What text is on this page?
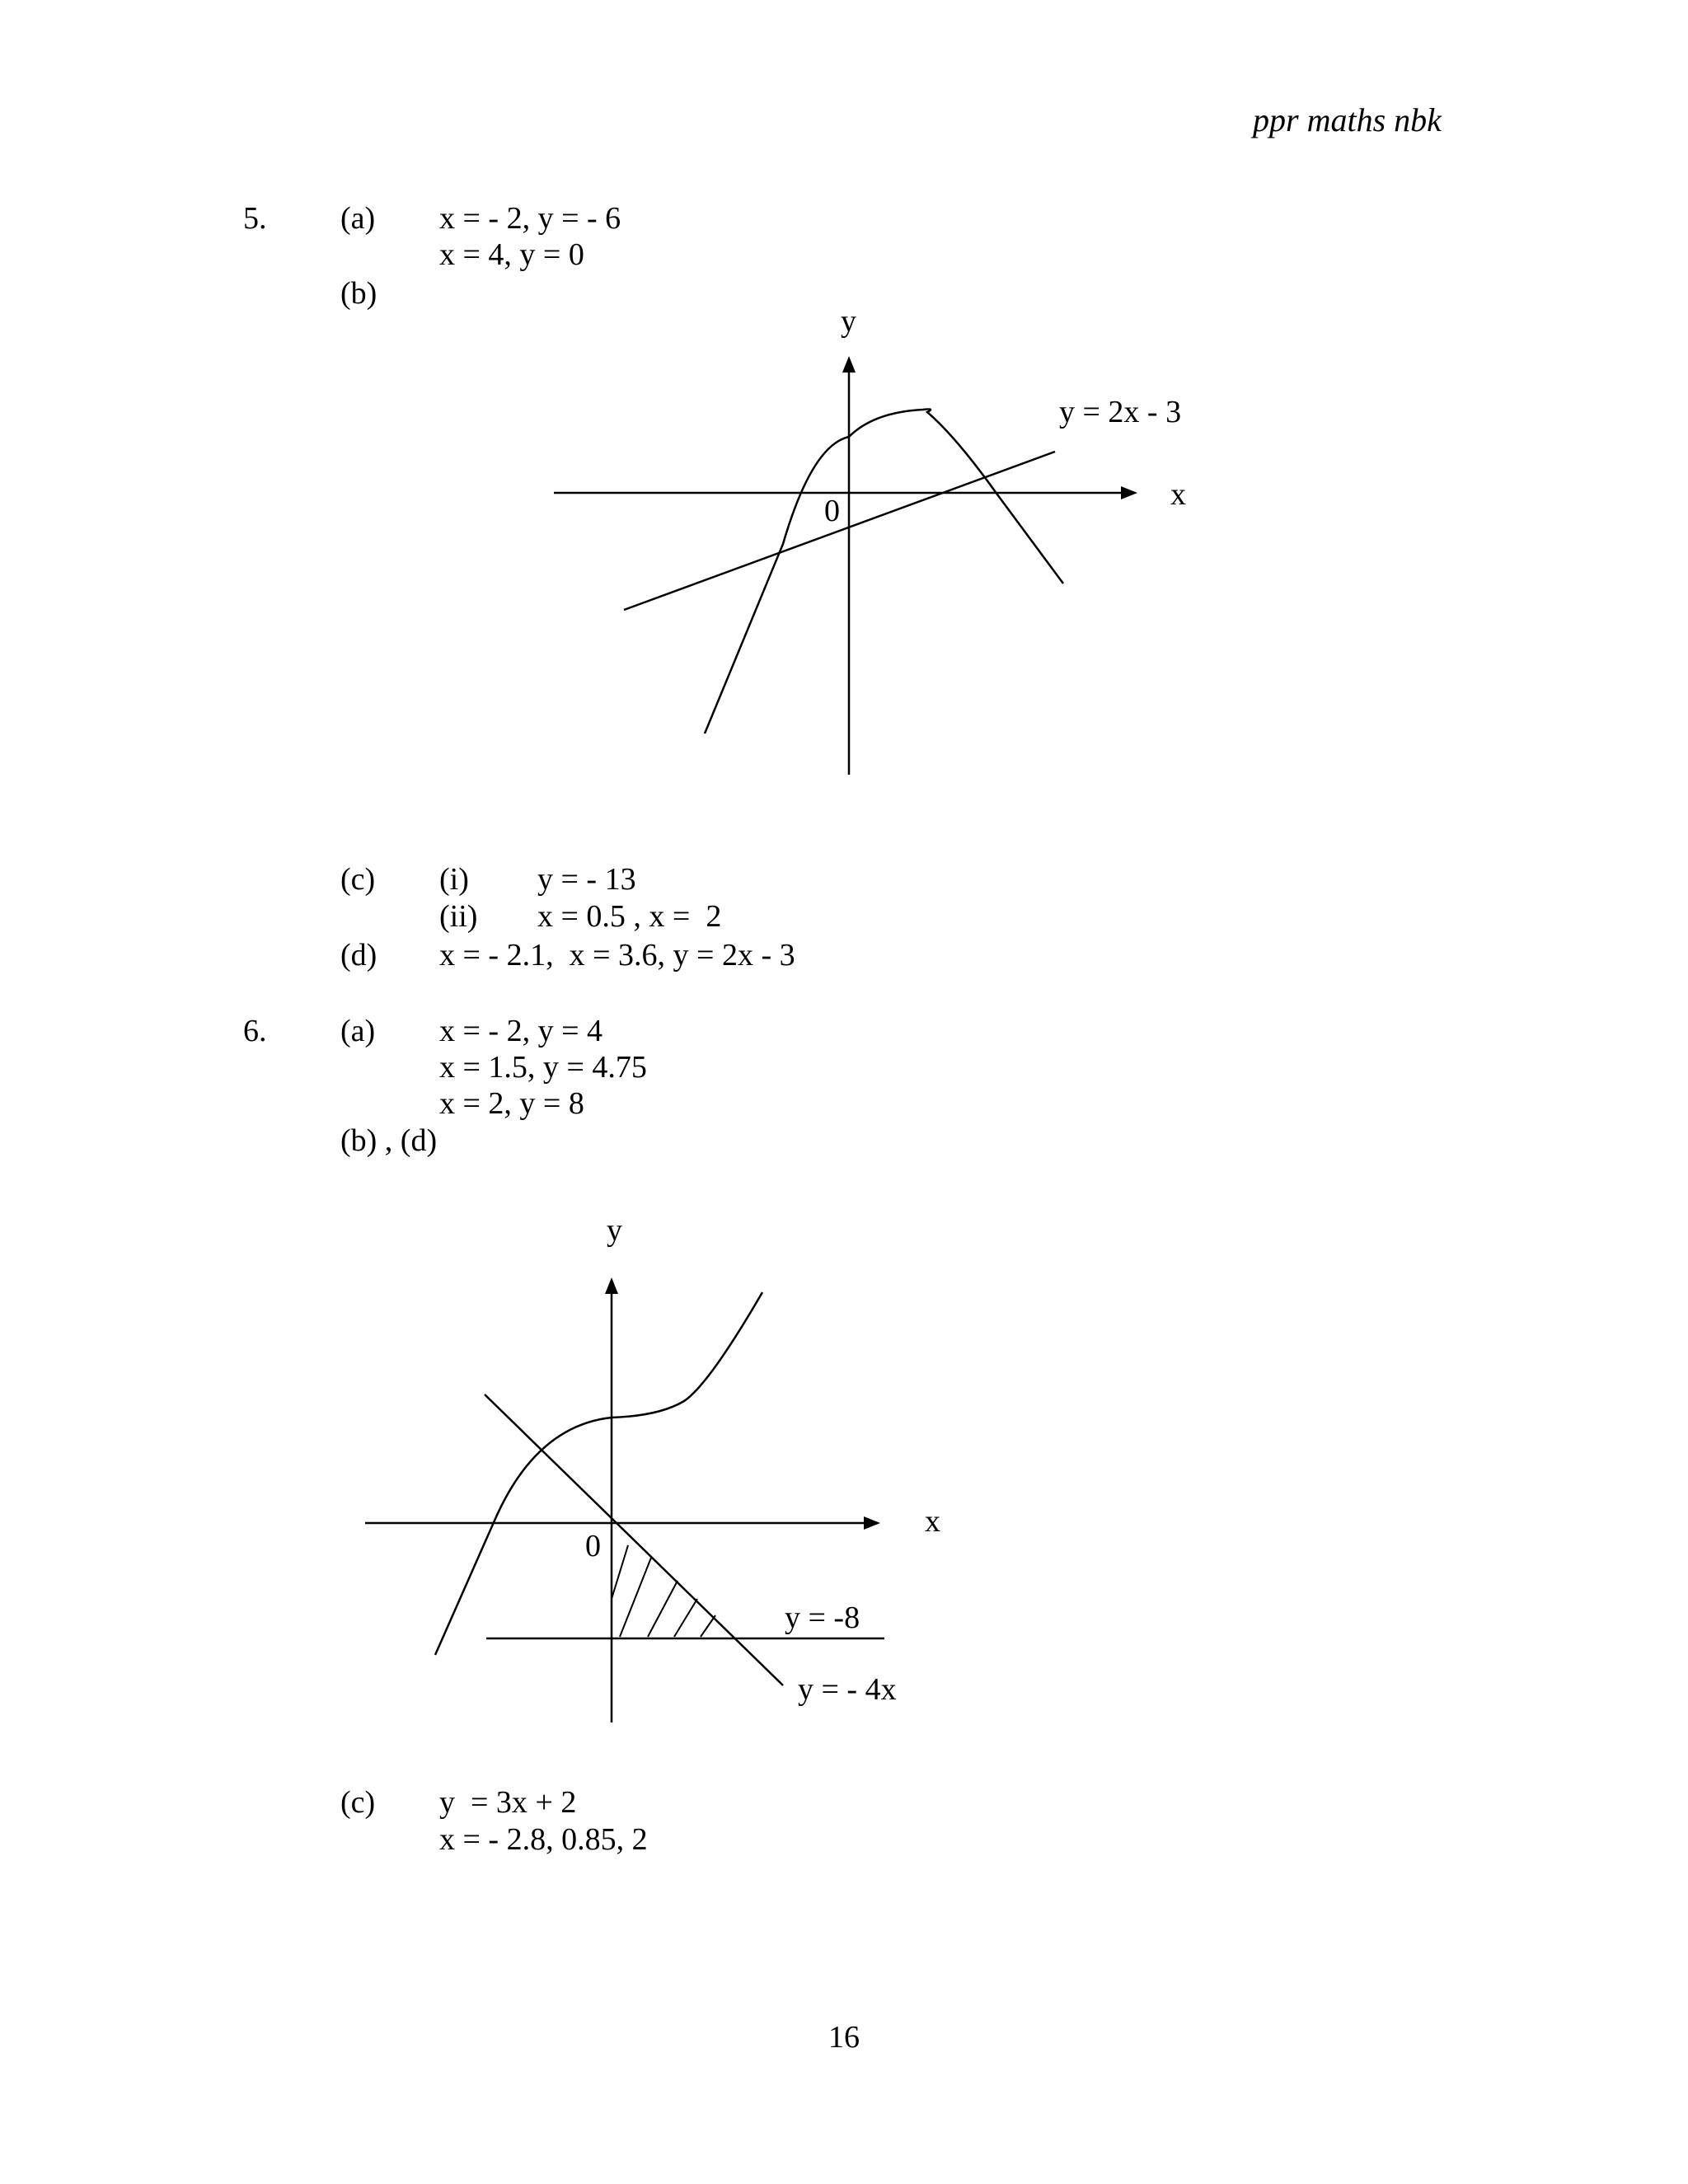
ppr maths nbk
5. (a) x = - 2, y = - 6
x = 4, y = 0
(b)
y
x
0
y = 2x - 3
(c) (i) y = - 13
(ii) x = 0.5 , x =  2
(d) x = - 2.1,  x = 3.6, y = 2x - 3
6. (a) x = - 2, y = 4
x = 1.5, y = 4.75
x = 2, y = 8
(b) , (d)
y
x
0
y = -8
y = - 4x
(c) y  = 3x + 2
x = - 2.8, 0.85, 2
16
